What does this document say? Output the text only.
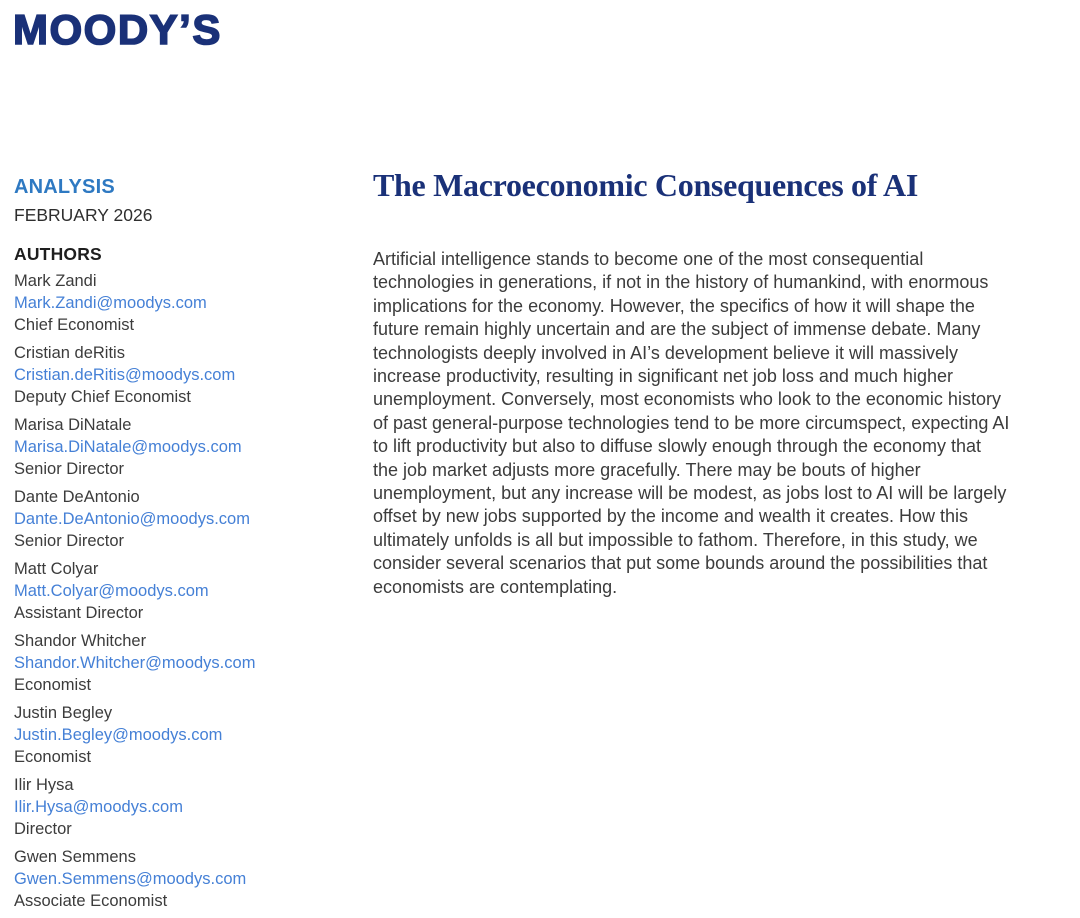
MOODY’S
ANALYSIS
FEBRUARY 2026
AUTHORS
Mark Zandi
Mark.Zandi@moodys.com
Chief Economist
Cristian deRitis
Cristian.deRitis@moodys.com
Deputy Chief Economist
Marisa DiNatale
Marisa.DiNatale@moodys.com
Senior Director
Dante DeAntonio
Dante.DeAntonio@moodys.com
Senior Director
Matt Colyar
Matt.Colyar@moodys.com
Assistant Director
Shandor Whitcher
Shandor.Whitcher@moodys.com
Economist
Justin Begley
Justin.Begley@moodys.com
Economist
Ilir Hysa
Ilir.Hysa@moodys.com
Director
Gwen Semmens
Gwen.Semmens@moodys.com
Associate Economist
The Macroeconomic Consequences of AI

Artificial intelligence stands to become one of the most consequential technologies in generations, if not in the history of humankind, with enormous implications for the economy. However, the specifics of how it will shape the future remain highly uncertain and are the subject of immense debate. Many technologists deeply involved in AI’s development believe it will massively increase productivity, resulting in significant net job loss and much higher unemployment. Conversely, most economists who look to the economic history of past general-purpose technologies tend to be more circumspect, expecting AI to lift productivity but also to diffuse slowly enough through the economy that the job market adjusts more gracefully. There may be bouts of higher unemployment, but any increase will be modest, as jobs lost to AI will be largely offset by new jobs supported by the income and wealth it creates. How this ultimately unfolds is all but impossible to fathom. Therefore, in this study, we consider several scenarios that put some bounds around the possibilities that economists are contemplating.
